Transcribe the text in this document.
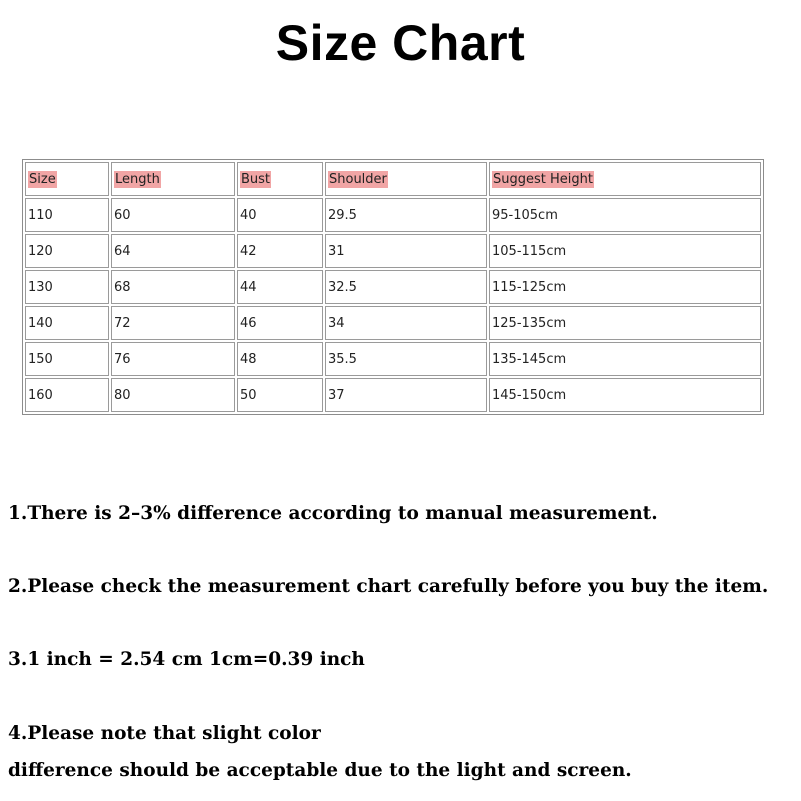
Size Chart
Size	Length	Bust	Shoulder	Suggest Height
110	60	40	29.5	95-105cm
120	64	42	31	105-115cm
130	68	44	32.5	115-125cm
140	72	46	34	125-135cm
150	76	48	35.5	135-145cm
160	80	50	37	145-150cm
1.There is 2–3% difference according to manual measurement.
2.Please check the measurement chart carefully before you buy the item.
3.1 inch = 2.54 cm 1cm=0.39 inch
4.Please note that slight color
difference should be acceptable due to the light and screen.
